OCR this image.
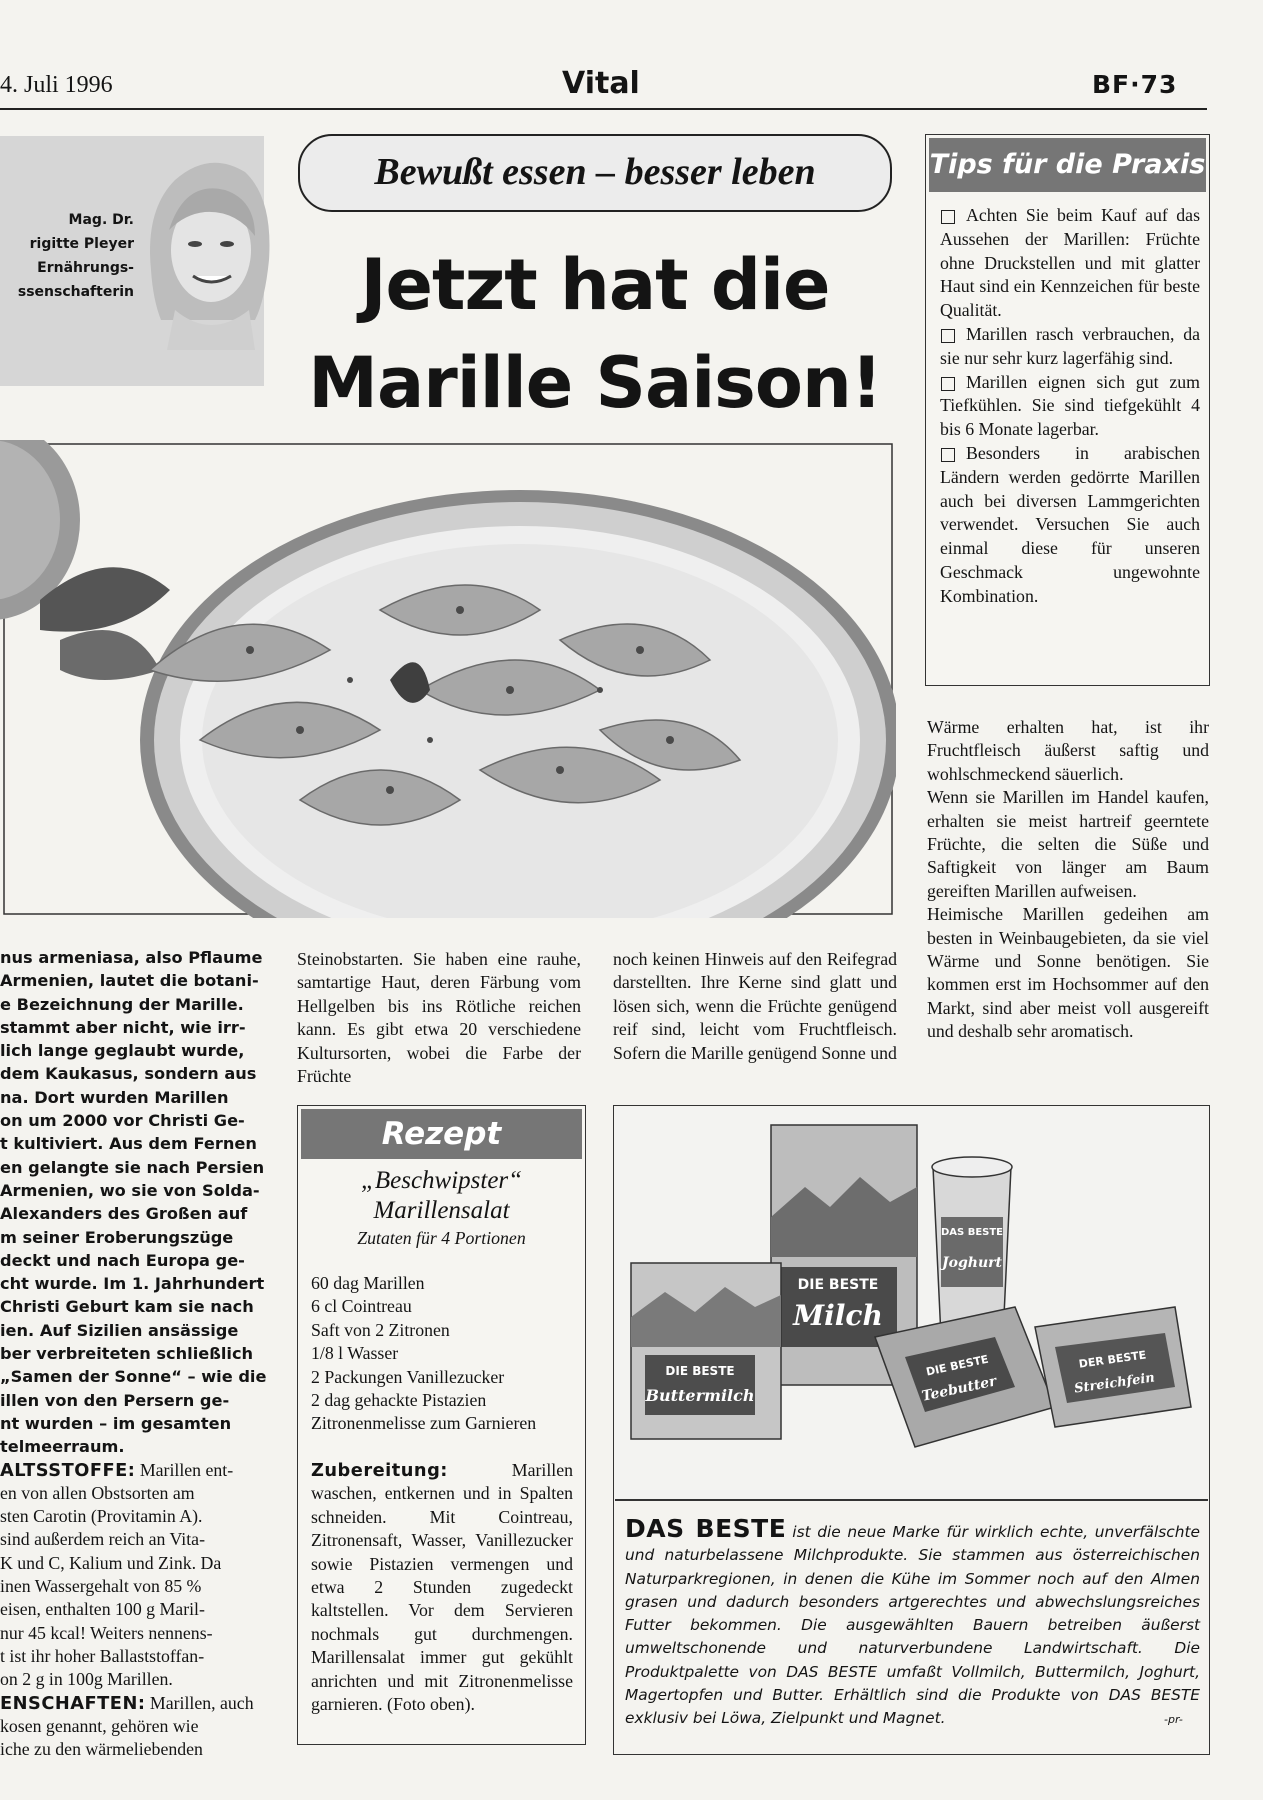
4. Juli 1996	Vital	BF·73
Mag. Dr.
rigitte Pleyer
Ernährungs-
ssenschafterin
Bewußt essen – besser leben
Jetzt hat die
Marille Saison!
Tips für die Praxis
Achten Sie beim Kauf auf das Aussehen der Marillen: Früchte ohne Druckstellen und mit glatter Haut sind ein Kennzeichen für beste Qualität.
Marillen rasch verbrauchen, da sie nur sehr kurz lagerfähig sind.
Marillen eignen sich gut zum Tiefkühlen. Sie sind tiefgekühlt 4 bis 6 Monate lagerbar.
Besonders in arabischen Ländern werden gedörrte Marillen auch bei diversen Lammgerichten verwendet. Versuchen Sie auch einmal diese für unseren Geschmack ungewohnte Kombination.

Wärme erhalten hat, ist ihr Fruchtfleisch äußerst saftig und wohlschmeckend säuerlich.

Wenn sie Marillen im Handel kaufen, erhalten sie meist hartreif geerntete Früchte, die selten die Süße und Saftigkeit von länger am Baum gereiften Marillen aufweisen.

Heimische Marillen gedeihen am besten in Weinbaugebieten, da sie viel Wärme und Sonne benötigen. Sie kommen erst im Hochsommer auf den Markt, sind aber meist voll ausgereift und deshalb sehr aromatisch.

nus armeniasa, also Pflaume
Armenien, lautet die botani-
e Bezeichnung der Marille.
stammt aber nicht, wie irr-
lich lange geglaubt wurde,
dem Kaukasus, sondern aus
na. Dort wurden Marillen
on um 2000 vor Christi Ge-
t kultiviert. Aus dem Fernen
en gelangte sie nach Persien
Armenien, wo sie von Solda-
Alexanders des Großen auf
m seiner Eroberungszüge
deckt und nach Europa ge-
cht wurde. Im 1. Jahrhundert
Christi Geburt kam sie nach
ien. Auf Sizilien ansässige
ber verbreiteten schließlich
„Samen der Sonne“ – wie die
illen von den Persern ge-
nt wurden – im gesamten
telmeerraum.
ALTSSTOFFE: Marillen ent-
en von allen Obstsorten am
sten Carotin (Provitamin A).
sind außerdem reich an Vita-
K und C, Kalium und Zink. Da
inen Wassergehalt von 85 %
eisen, enthalten 100 g Maril-
nur 45 kcal! Weiters nennens-
t ist ihr hoher Ballaststoffan-
on 2 g in 100g Marillen.
ENSCHAFTEN: Marillen, auch
kosen genannt, gehören wie
iche zu den wärmeliebenden
Steinobstarten. Sie haben eine rauhe, samtartige Haut, deren Färbung vom Hellgelben bis ins Rötliche reichen kann. Es gibt etwa 20 verschiedene Kultursorten, wobei die Farbe der Früchte
noch keinen Hinweis auf den Reifegrad darstellten. Ihre Kerne sind glatt und lösen sich, wenn die Früchte genügend reif sind, leicht vom Fruchtfleisch. Sofern die Marille genügend Sonne und
Rezept
„Beschwipster“
Marillensalat
Zutaten für 4 Portionen
60 dag Marillen
6 cl Cointreau
Saft von 2 Zitronen
1/8 l Wasser
2 Packungen Vanillezucker
2 dag gehackte Pistazien
Zitronenmelisse zum Garnieren
Zubereitung: Marillen waschen, entkernen und in Spalten schneiden. Mit Cointreau, Zitronensaft, Wasser, Vanillezucker sowie Pistazien vermengen und etwa 2 Stunden zugedeckt kaltstellen. Vor dem Servieren nochmals gut durchmengen. Marillensalat immer gut gekühlt anrichten und mit Zitronenmelisse garnieren. (Foto oben).
DIE BESTE
Milch
DIE BESTE
Buttermilch
DAS BESTE
Joghurt
DIE BESTE
Teebutter
DER BESTE
Streichfein
DAS BESTE ist die neue Marke für wirklich echte, unverfälschte und naturbelassene Milchprodukte. Sie stammen aus österreichischen Naturparkregionen, in denen die Kühe im Sommer noch auf den Almen grasen und dadurch besonders artgerechtes und abwechslungsreiches Futter bekommen. Die ausgewählten Bauern betreiben äußerst umweltschonende und naturverbundene Landwirtschaft. Die Produktpalette von DAS BESTE umfaßt Vollmilch, Buttermilch, Joghurt, Magertopfen und Butter. Erhältlich sind die Produkte von DAS BESTE exklusiv bei Löwa, Zielpunkt und Magnet.	-pr-
